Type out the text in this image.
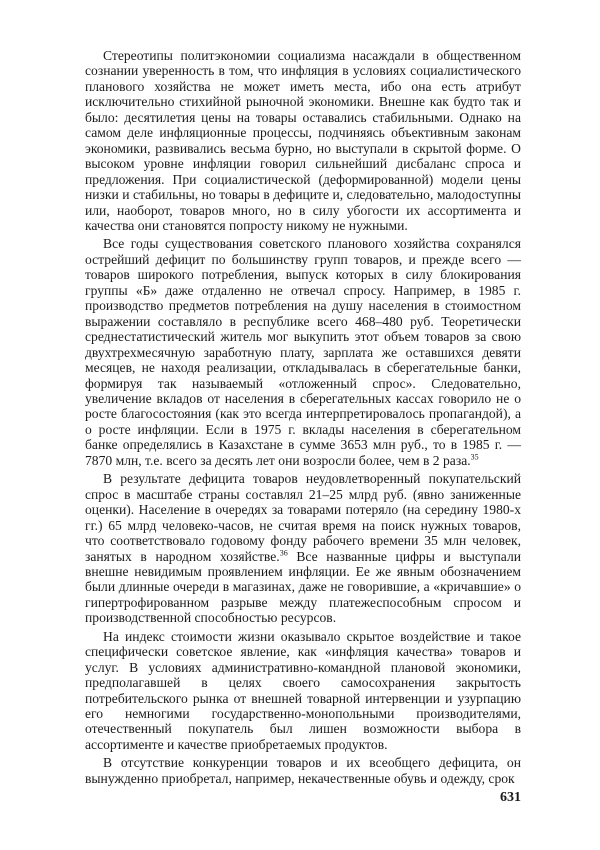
Стереотипы политэкономии социализма насаждали в общественном сознании уверенность в том, что инфляция в условиях социалистического планового хозяйства не может иметь места, ибо она есть атрибут исключительно стихийной рыночной экономики. Внешне как будто так и было: десятилетия цены на товары оставались стабильными. Однако на самом деле инфляционные процессы, подчиняясь объективным законам экономики, развивались весьма бурно, но выступали в скрытой форме. О высоком уровне инфляции говорил сильнейший дисбаланс спроса и предложения. При социалистической (деформированной) модели цены низки и стабильны, но товары в дефиците и, следовательно, малодоступны или, наоборот, товаров много, но в силу убогости их ассортимента и качества они становятся попросту никому не нужными.

Все годы существования советского планового хозяйства сохранялся острейший дефицит по большинству групп товаров, и прежде всего — товаров широкого потребления, выпуск которых в силу блокирования группы «Б» даже отдаленно не отвечал спросу. Например, в 1985 г. производство предметов потребления на душу населения в стоимостном выражении составляло в республике всего 468–480 руб. Теоретически среднестатистический житель мог выкупить этот объем товаров за свою двухтрехмесячную заработную плату, зарплата же оставшихся девяти месяцев, не находя реализации, откладывалась в сберегательные банки, формируя так называемый «отложенный спрос». Следовательно, увеличение вкладов от населения в сберегательных кассах говорило не о росте благосостояния (как это всегда интерпретировалось пропагандой), а о росте инфляции. Если в 1975 г. вклады населения в сберегательном банке определялись в Казахстане в сумме 3653 млн руб., то в 1985 г. — 7870 млн, т.е. всего за десять лет они возросли более, чем в 2 раза.$^{35}$

В результате дефицита товаров неудовлетворенный покупательский спрос в масштабе страны составлял 21–25 млрд руб. (явно заниженные оценки). Население в очередях за товарами потеряло (на середину 1980-х гг.) 65 млрд человеко-часов, не считая время на поиск нужных товаров, что соответствовало годовому фонду рабочего времени 35 млн человек, занятых в народном хозяйстве.$^{36}$ Все названные цифры и выступали внешне невидимым проявлением инфляции. Ее же явным обозначением были длинные очереди в магазинах, даже не говорившие, а «кричавшие» о гипертрофированном разрыве между платежеспособным спросом и производственной способностью ресурсов.

На индекс стоимости жизни оказывало скрытое воздействие и такое специфически советское явление, как «инфляция качества» товаров и услуг. В условиях административно-командной плановой экономики, предполагавшей в целях своего самосохранения закрытость потребительского рынка от внешней товарной интервенции и узурпацию его немногими государственно-монопольными производителями, отечественный покупатель был лишен возможности выбора в ассортименте и качестве приобретаемых продуктов.

В отсутствие конкуренции товаров и их всеобщего дефицита, он вынужденно приобретал, например, некачественные обувь и одежду, срок

631
